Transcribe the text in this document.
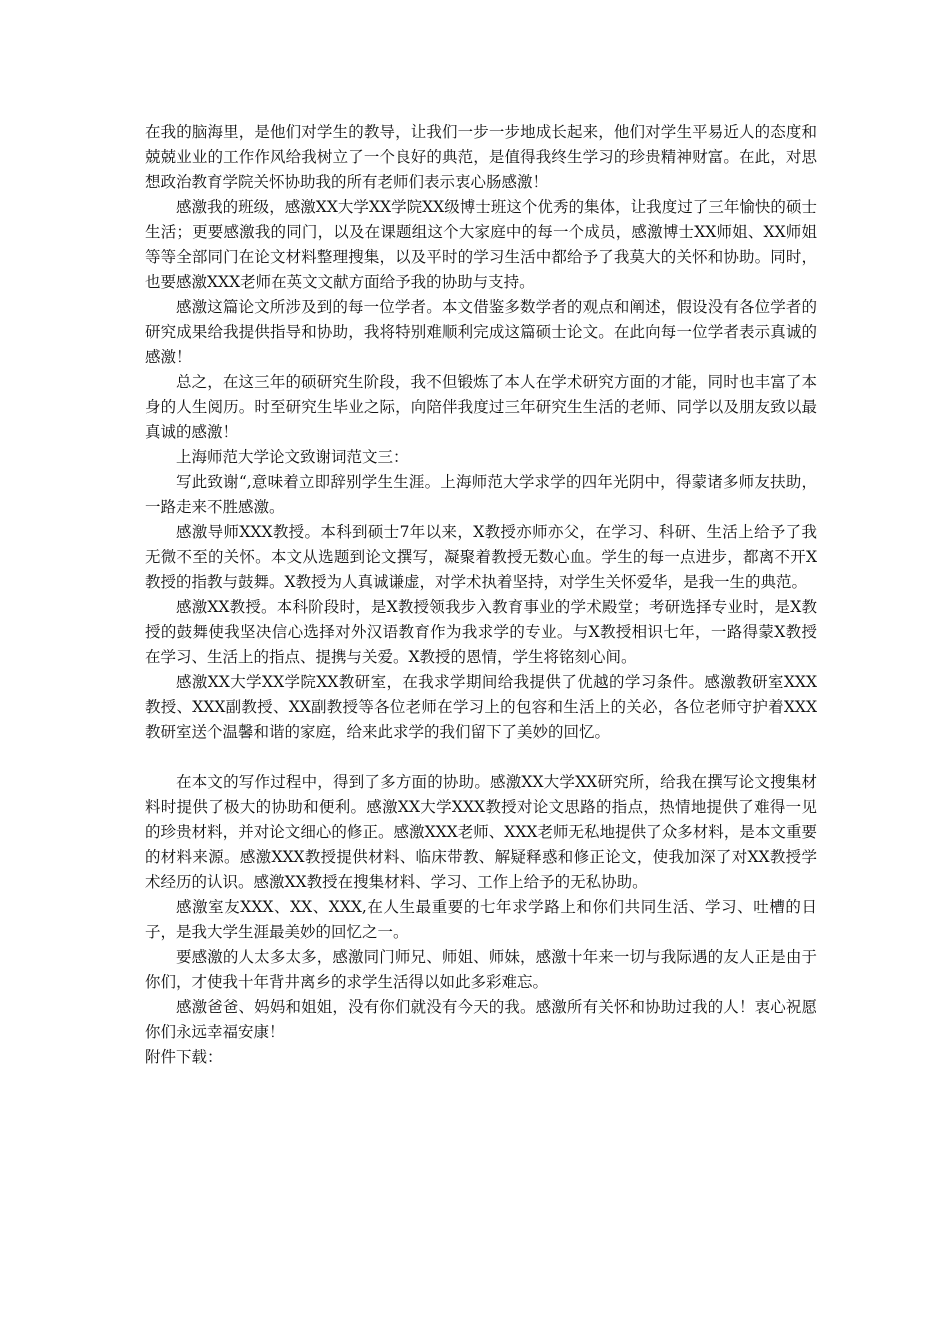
在我的脑海里，是他们对学生的教导，让我们一步一步地成长起来，他们对学生平易近人的态度和兢兢业业的工作作风给我树立了一个良好的典范，是值得我终生学习的珍贵精神财富。在此，对思想政治教育学院关怀协助我的所有老师们表示衷心肠感激！

感激我的班级，感激XX大学XX学院XX级博士班这个优秀的集体，让我度过了三年愉快的硕士生活；更要感激我的同门，以及在课题组这个大家庭中的每一个成员，感激博士XX师姐、XX师姐等等全部同门在论文材料整理搜集，以及平时的学习生活中都给予了我莫大的关怀和协助。同时，也要感激XXX老师在英文文献方面给予我的协助与支持。

感激这篇论文所涉及到的每一位学者。本文借鉴多数学者的观点和阐述，假设没有各位学者的研究成果给我提供指导和协助，我将特别难顺利完成这篇硕士论文。在此向每一位学者表示真诚的感激！

总之，在这三年的硕研究生阶段，我不但锻炼了本人在学术研究方面的才能，同时也丰富了本身的人生阅历。时至研究生毕业之际，向陪伴我度过三年研究生生活的老师、同学以及朋友致以最真诚的感激！

上海师范大学论文致谢词范文三：

写此致谢“,意味着立即辞别学生生涯。上海师范大学求学的四年光阴中，得蒙诸多师友扶助，一路走来不胜感激。

感激导师XXX教授。本科到硕士7年以来，X教授亦师亦父，在学习、科研、生活上给予了我无微不至的关怀。本文从选题到论文撰写，凝聚着教授无数心血。学生的每一点进步，都离不开X教授的指教与鼓舞。X教授为人真诚谦虚，对学术执着坚持，对学生关怀爱华，是我一生的典范。

感激XX教授。本科阶段时，是X教授领我步入教育事业的学术殿堂；考研选择专业时，是X教授的鼓舞使我坚决信心选择对外汉语教育作为我求学的专业。与X教授相识七年，一路得蒙X教授在学习、生活上的指点、提携与关爱。X教授的恩情，学生将铭刻心间。

感激XX大学XX学院XX教研室，在我求学期间给我提供了优越的学习条件。感激教研室XXX教授、XXX副教授、XX副教授等各位老师在学习上的包容和生活上的关必，各位老师守护着XXX教研室送个温馨和谐的家庭，给来此求学的我们留下了美妙的回忆。

在本文的写作过程中，得到了多方面的协助。感激XX大学XX研究所，给我在撰写论文搜集材料时提供了极大的协助和便利。感激XX大学XXX教授对论文思路的指点，热情地提供了难得一见的珍贵材料，并对论文细心的修正。感激XXX老师、XXX老师无私地提供了众多材料，是本文重要的材料来源。感激XXX教授提供材料、临床带教、解疑释惑和修正论文，使我加深了对XX教授学术经历的认识。感激XX教授在搜集材料、学习、工作上给予的无私协助。

感激室友XXX、XX、XXX,在人生最重要的七年求学路上和你们共同生活、学习、吐槽的日子，是我大学生涯最美妙的回忆之一。

要感激的人太多太多，感激同门师兄、师姐、师妹，感激十年来一切与我际遇的友人正是由于你们，才使我十年背井离乡的求学生活得以如此多彩难忘。

感激爸爸、妈妈和姐姐，没有你们就没有今天的我。感激所有关怀和协助过我的人！衷心祝愿你们永远幸福安康！

附件下载：
